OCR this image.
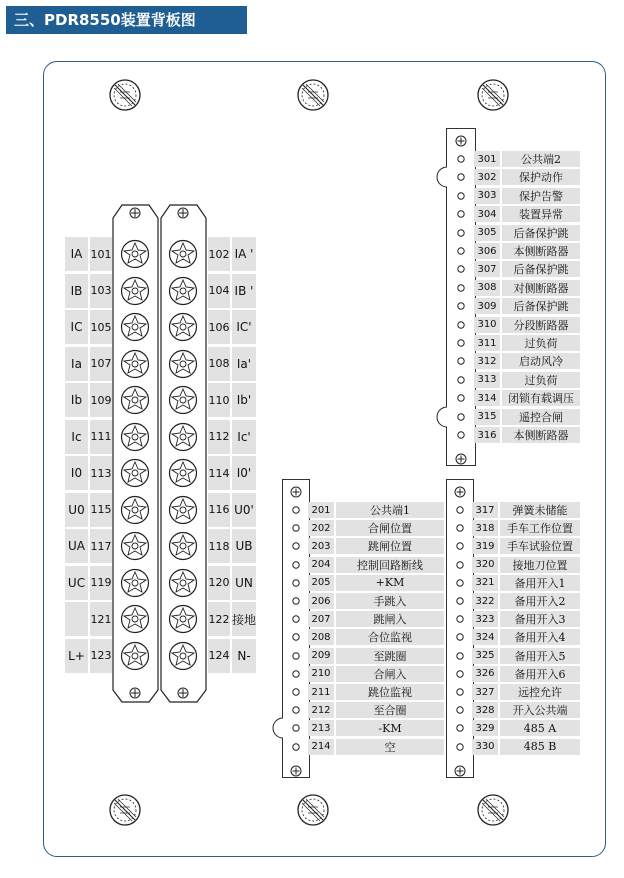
三、PDR8550装置背板图
IA 101	102 IA '
IB 103	104 IB '
IC 105	106 IC'
Ia 107	108 Ia'
Ib 109	110 Ib'
Ic 111	112 Ic'
I0 113	114 I0'
U0 115	116 U0'
UA 117	118 UB
UC 119	120 UN
121	122 接地
L+ 123	124 N-
301	公共端2
302	保护动作
303	保护告警
304	装置异常
305	后备保护跳
306	本侧断路器
307	后备保护跳
308	对侧断路器
309	后备保护跳
310	分段断路器
311	过负荷
312	启动风冷
313	过负荷
314	闭锁有载调压
315	遥控合闸
316	本侧断路器
201	公共端1
202	合闸位置
203	跳闸位置
204	控制回路断线
205	+KM
206	手跳入
207	跳闸入
208	合位监视
209	至跳圈
210	合闸入
211	跳位监视
212	至合圈
213	-KM
214	空
317	弹簧未储能
318	手车工作位置
319	手车试验位置
320	接地刀位置
321	备用开入1
322	备用开入2
323	备用开入3
324	备用开入4
325	备用开入5
326	备用开入6
327	远控允许
328	开入公共端
329	485 A
330	485 B
